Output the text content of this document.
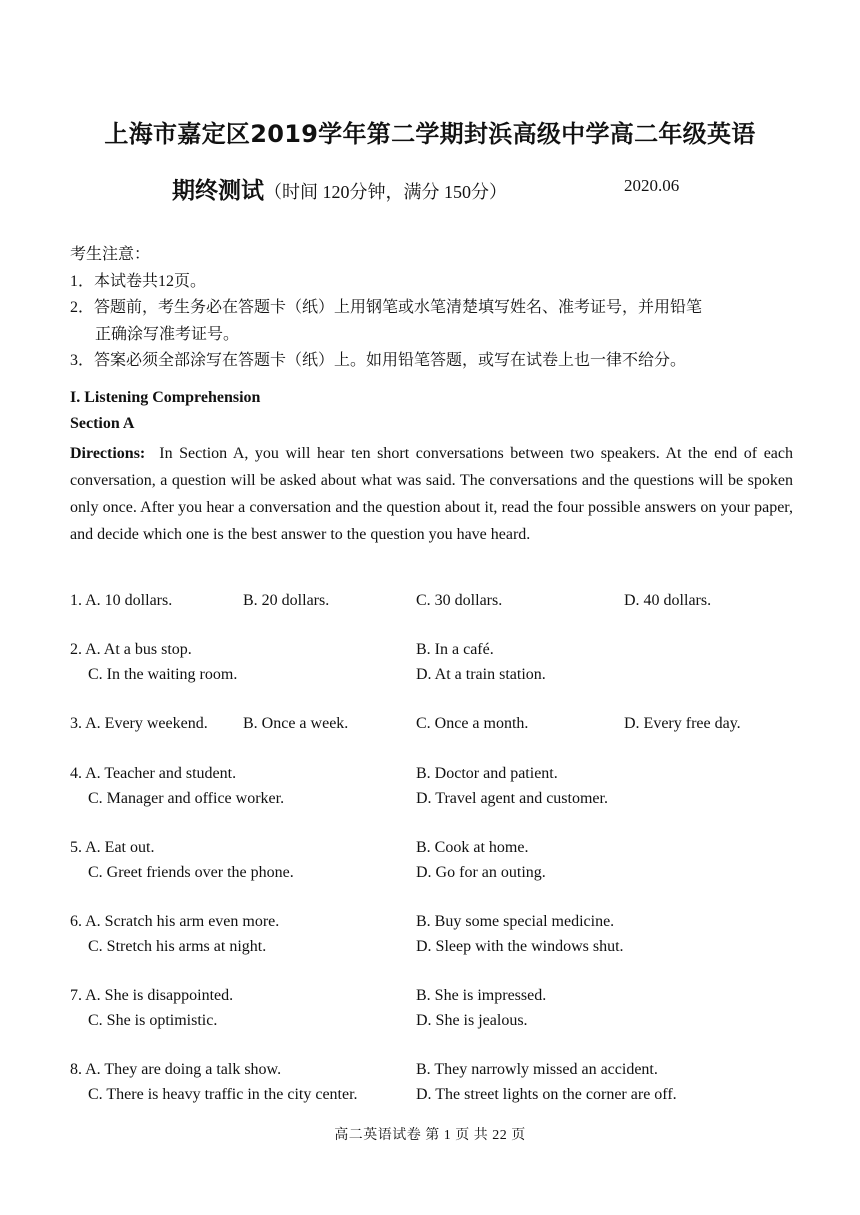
上海市嘉定区2019学年第二学期封浜高级中学高二年级英语
期终测试（时间 120分钟，满分 150分）	2020.06
考生注意：
1．本试卷共12页。
2．答题前，考生务必在答题卡（纸）上用钢笔或水笔清楚填写姓名、准考证号，并用铅笔
正确涂写准考证号。
3．答案必须全部涂写在答题卡（纸）上。如用铅笔答题，或写在试卷上也一律不给分。
I. Listening Comprehension
Section A
Directions: In Section A, you will hear ten short conversations between two speakers. At the end of each conversation, a question will be asked about what was said. The conversations and the questions will be spoken only once. After you hear a conversation and the question about it, read the four possible answers on your paper, and decide which one is the best answer to the question you have heard.
1. A. 10 dollars.	B. 20 dollars.	C. 30 dollars.	D. 40 dollars.
2. A. At a bus stop.	B. In a café.
C. In the waiting room.	D. At a train station.
3. A. Every weekend. B. Once a week.	C. Once a month.	D. Every free day.
4. A. Teacher and student.	B. Doctor and patient.
C. Manager and office worker.	D. Travel agent and customer.
5. A. Eat out.	B. Cook at home.
C. Greet friends over the phone.	D. Go for an outing.
6. A. Scratch his arm even more.	B. Buy some special medicine.
C. Stretch his arms at night.	D. Sleep with the windows shut.
7. A. She is disappointed.	B. She is impressed.
C. She is optimistic.	D. She is jealous.
8. A. They are doing a talk show.	B. They narrowly missed an accident.
C. There is heavy traffic in the city center.	D. The street lights on the corner are off.
高二英语试卷 第 1 页 共 22 页
